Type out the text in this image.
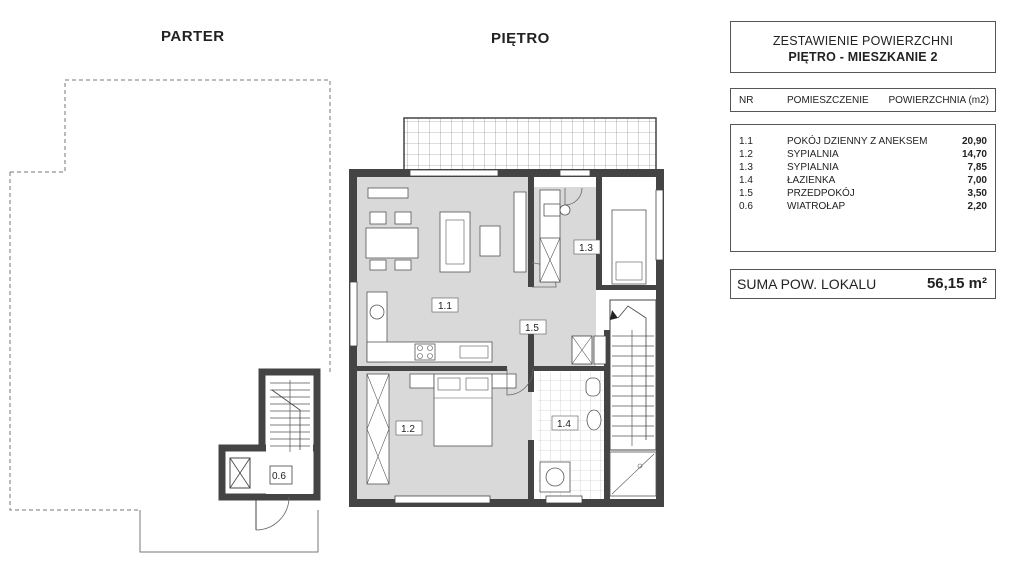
PARTER	PIĘTRO
0.6
1.1
1.2
1.3
1.4
1.5
ZESTAWIENIE POWIERZCHNI
PIĘTRO - MIESZKANIE 2
NR	POMIESZCZENIE POWIERZCHNIA (m2)
1.1	POKÓJ DZIENNY Z ANEKSEM	20,90
1.2	SYPIALNIA	14,70
1.3	SYPIALNIA	7,85
1.4	ŁAZIENKA	7,00
1.5	PRZEDPOKÓJ	3,50
0.6	WIATROŁAP	2,20
SUMA POW. LOKALU	56,15 m²
